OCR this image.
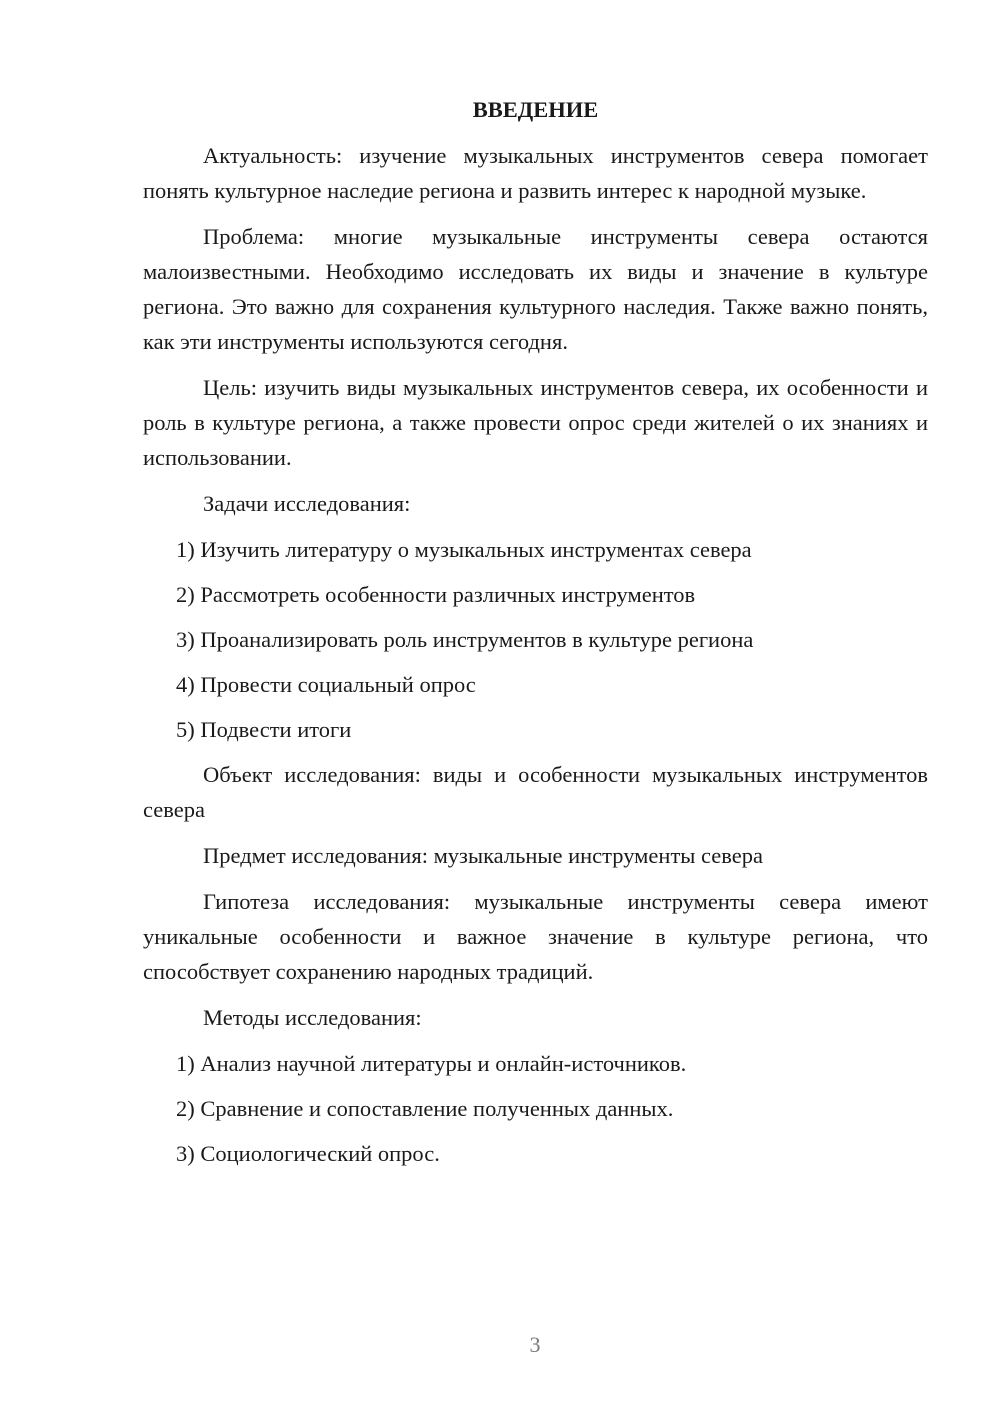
ВВЕДЕНИЕ

Актуальность: изучение музыкальных инструментов севера помогает понять культурное наследие региона и развить интерес к народной музыке.

Проблема: многие музыкальные инструменты севера остаются малоизвестными. Необходимо исследовать их виды и значение в культуре региона. Это важно для сохранения культурного наследия. Также важно понять, как эти инструменты используются сегодня.

Цель: изучить виды музыкальных инструментов севера, их особенности и роль в культуре региона, а также провести опрос среди жителей о их знаниях и использовании.

Задачи исследования:

1) Изучить литературу о музыкальных инструментах севера
2) Рассмотреть особенности различных инструментов
3) Проанализировать роль инструментов в культуре региона
4) Провести социальный опрос
5) Подвести итоги

Объект исследования: виды и особенности музыкальных инструментов севера

Предмет исследования: музыкальные инструменты севера

Гипотеза исследования: музыкальные инструменты севера имеют уникальные особенности и важное значение в культуре региона, что способствует сохранению народных традиций.

Методы исследования:

1) Анализ научной литературы и онлайн-источников.
2) Сравнение и сопоставление полученных данных.
3) Социологический опрос.
3
